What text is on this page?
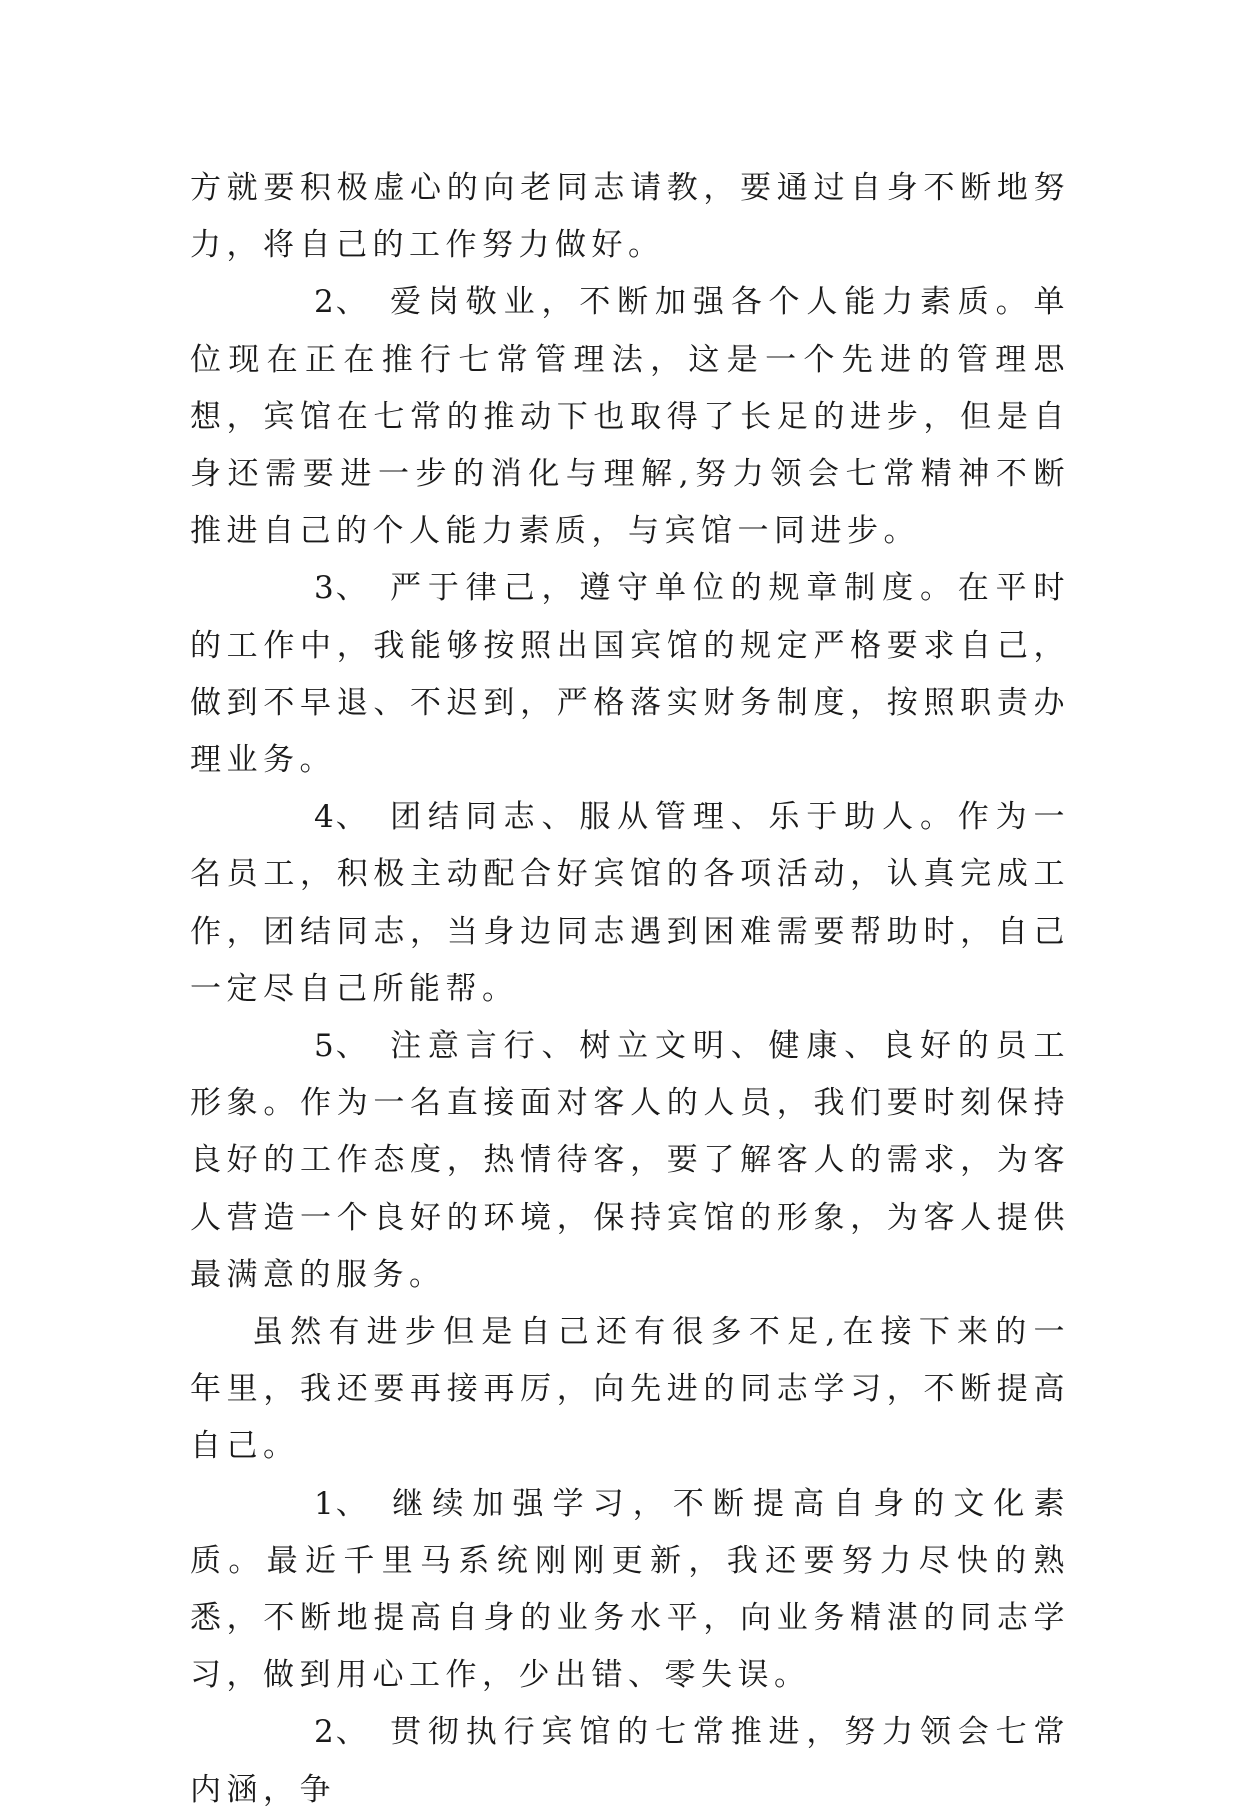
方就要积极虚心的向老同志请教，要通过自身不断地努力，将自己的工作努力做好。

2、 爱岗敬业，不断加强各个人能力素质。单位现在正在推行七常管理法，这是一个先进的管理思想，宾馆在七常的推动下也取得了长足的进步，但是自身还需要进一步的消化与理解,努力领会七常精神不断推进自己的个人能力素质，与宾馆一同进步。

3、 严于律己，遵守单位的规章制度。在平时的工作中，我能够按照出国宾馆的规定严格要求自己，做到不早退、不迟到，严格落实财务制度，按照职责办理业务。

4、 团结同志、服从管理、乐于助人。作为一名员工，积极主动配合好宾馆的各项活动，认真完成工作，团结同志，当身边同志遇到困难需要帮助时，自己一定尽自己所能帮。

5、 注意言行、树立文明、健康、良好的员工形象。作为一名直接面对客人的人员，我们要时刻保持良好的工作态度，热情待客，要了解客人的需求，为客人营造一个良好的环境，保持宾馆的形象，为客人提供最满意的服务。

虽然有进步但是自己还有很多不足,在接下来的一年里，我还要再接再厉，向先进的同志学习，不断提高自己。

1、 继续加强学习，不断提高自身的文化素质。最近千里马系统刚刚更新，我还要努力尽快的熟悉，不断地提高自身的业务水平，向业务精湛的同志学习，做到用心工作，少出错、零失误。

2、 贯彻执行宾馆的七常推进，努力领会七常内涵，争
